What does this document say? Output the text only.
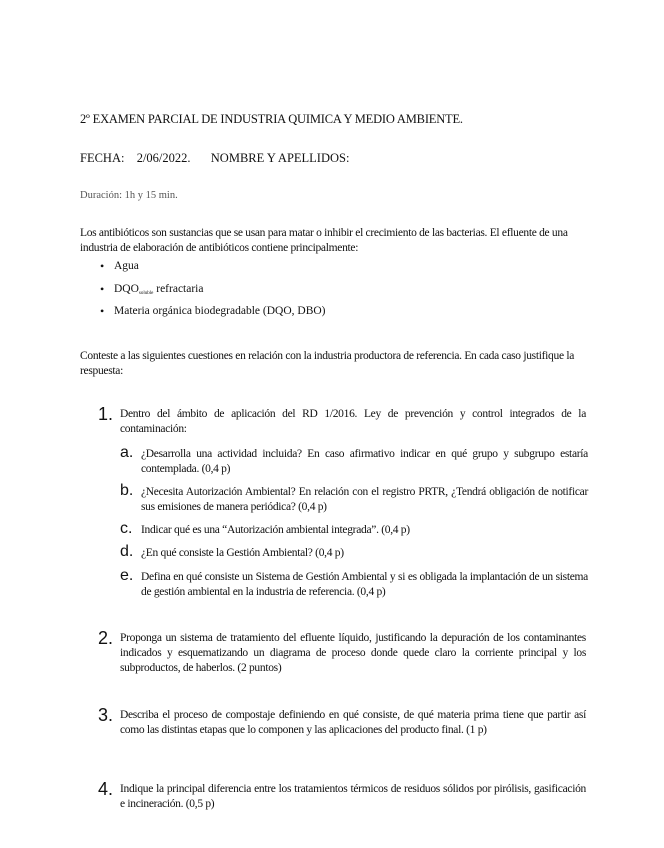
2º EXAMEN PARCIAL DE INDUSTRIA QUIMICA Y MEDIO AMBIENTE.
FECHA: 2/06/2022. NOMBRE Y APELLIDOS:
Duración: 1h y 15 min.
Los antibióticos son sustancias que se usan para matar o inhibir el crecimiento de las bacterias. El efluente de una industria de elaboración de antibióticos contiene principalmente:
• Agua
• $DQO_{soluble}$ refractaria
• Materia orgánica biodegradable (DQO, DBO)
Conteste a las siguientes cuestiones en relación con la industria productora de referencia. En cada caso justifique la respuesta:
1. Dentro del ámbito de aplicación del RD 1/2016. Ley de prevención y control integrados de la contaminación:
a. ¿Desarrolla una actividad incluida? En caso afirmativo indicar en qué grupo y subgrupo estaría contemplada. (0,4 p)
b. ¿Necesita Autorización Ambiental? En relación con el registro PRTR, ¿Tendrá obligación de notificar sus emisiones de manera periódica? (0,4 p)
c. Indicar qué es una “Autorización ambiental integrada”. (0,4 p)
d. ¿En qué consiste la Gestión Ambiental? (0,4 p)
e. Defina en qué consiste un Sistema de Gestión Ambiental y si es obligada la implantación de un sistema de gestión ambiental en la industria de referencia. (0,4 p)
2. Proponga un sistema de tratamiento del efluente líquido, justificando la depuración de los contaminantes indicados y esquematizando un diagrama de proceso donde quede claro la corriente principal y los subproductos, de haberlos. (2 puntos)
3. Describa el proceso de compostaje definiendo en qué consiste, de qué materia prima tiene que partir así como las distintas etapas que lo componen y las aplicaciones del producto final. (1 p)
4. Indique la principal diferencia entre los tratamientos térmicos de residuos sólidos por pirólisis, gasificación e incineración. (0,5 p)
